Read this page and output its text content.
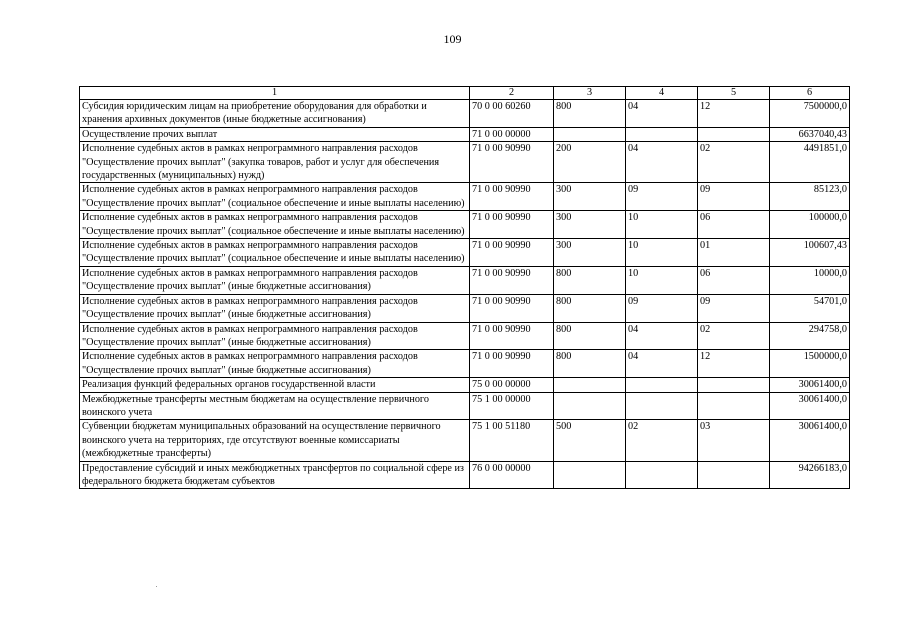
109
1	2	3	4	5	6
Субсидия юридическим лицам на приобретение оборудования для обработки и хранения архивных документов (иные бюджетные ассигнования)	70 0 00 60260	800	04	12	7500000,0
Осуществление прочих выплат	71 0 00 00000				6637040,43
Исполнение судебных актов в рамках непрограммного направления расходов "Осуществление прочих выплат" (закупка товаров, работ и услуг для обеспечения государственных (муниципальных) нужд)	71 0 00 90990	200	04	02	4491851,0
Исполнение судебных актов в рамках непрограммного направления расходов "Осуществление прочих выплат" (социальное обеспечение и иные выплаты населению)	71 0 00 90990	300	09	09	85123,0
Исполнение судебных актов в рамках непрограммного направления расходов "Осуществление прочих выплат" (социальное обеспечение и иные выплаты населению)	71 0 00 90990	300	10	06	100000,0
Исполнение судебных актов в рамках непрограммного направления расходов "Осуществление прочих выплат" (социальное обеспечение и иные выплаты населению)	71 0 00 90990	300	10	01	100607,43
Исполнение судебных актов в рамках непрограммного направления расходов "Осуществление прочих выплат" (иные бюджетные ассигнования)	71 0 00 90990	800	10	06	10000,0
Исполнение судебных актов в рамках непрограммного направления расходов "Осуществление прочих выплат" (иные бюджетные ассигнования)	71 0 00 90990	800	09	09	54701,0
Исполнение судебных актов в рамках непрограммного направления расходов "Осуществление прочих выплат" (иные бюджетные ассигнования)	71 0 00 90990	800	04	02	294758,0
Исполнение судебных актов в рамках непрограммного направления расходов "Осуществление прочих выплат" (иные бюджетные ассигнования)	71 0 00 90990	800	04	12	1500000,0
Реализация функций федеральных органов государственной власти	75 0 00 00000				30061400,0
Межбюджетные трансферты местным бюджетам на осуществление первичного воинского учета	75 1 00 00000				30061400,0
Субвенции бюджетам муниципальных образований на осуществление первичного воинского учета на территориях, где отсутствуют военные комиссариаты (межбюджетные трансферты)	75 1 00 51180	500	02	03	30061400,0
Предоставление субсидий и иных межбюджетных трансфертов по социальной сфере из федерального бюджета бюджетам субъектов	76 0 00 00000				94266183,0
